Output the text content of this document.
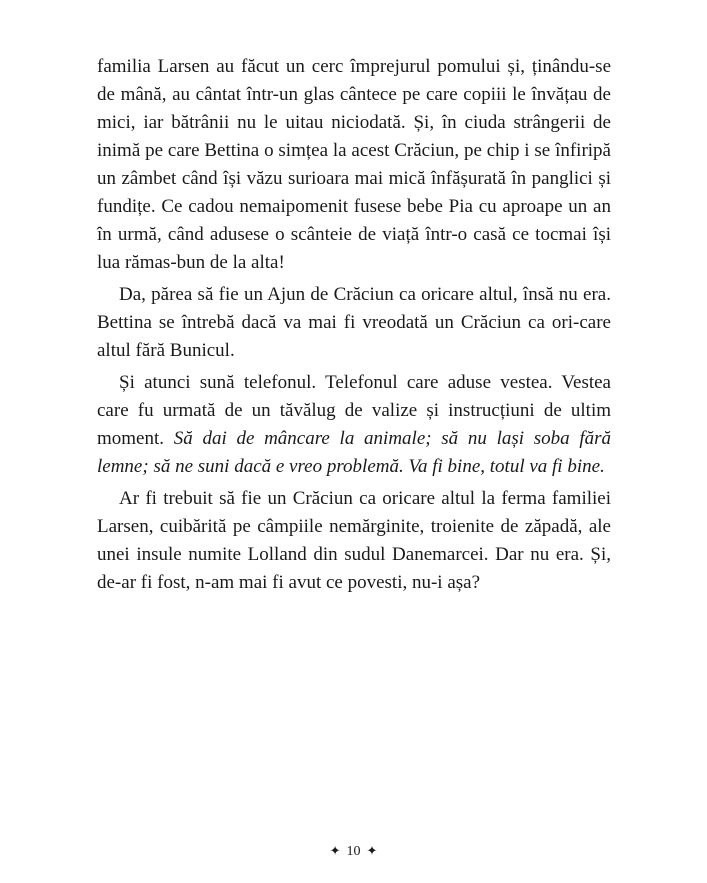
familia Larsen au făcut un cerc împrejurul pomului și, ținându-se de mână, au cântat într-un glas cântece pe care copiii le învățau de mici, iar bătrânii nu le uitau niciodată. Și, în ciuda strângerii de inimă pe care Bettina o simțea la acest Crăciun, pe chip i se înfiripă un zâmbet când își văzu surioara mai mică înfășurată în panglici și fundițe. Ce cadou nemaipomenit fusese bebe Pia cu aproape un an în urmă, când adusese o scânteie de viață într-o casă ce tocmai își lua rămas-bun de la alta!

Da, părea să fie un Ajun de Crăciun ca oricare altul, însă nu era. Bettina se întrebă dacă va mai fi vreodată un Crăciun ca ori-care altul fără Bunicul.

Și atunci sună telefonul. Telefonul care aduse vestea. Vestea care fu urmată de un tăvălug de valize și instrucțiuni de ultim moment. Să dai de mâncare la animale; să nu lași soba fără lemne; să ne suni dacă e vreo problemă. Va fi bine, totul va fi bine.

Ar fi trebuit să fie un Crăciun ca oricare altul la ferma familiei Larsen, cuibărită pe câmpiile nemărginite, troienite de zăpadă, ale unei insule numite Lolland din sudul Danemarcei. Dar nu era. Și, de-ar fi fost, n-am mai fi avut ce povesti, nu-i așa?

✦ 10 ✦
